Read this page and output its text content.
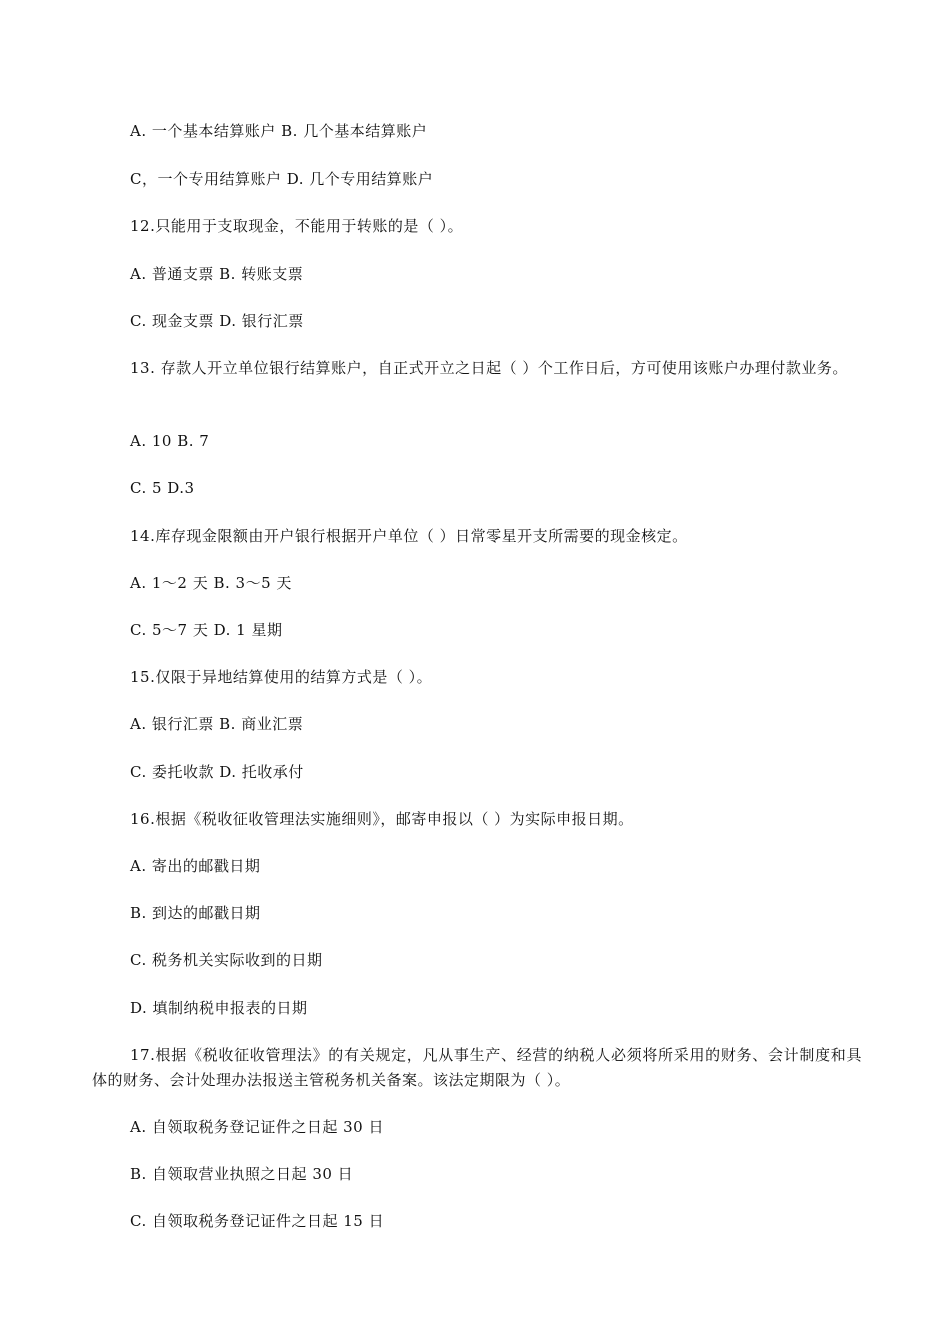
A. 一个基本结算账户 B. 几个基本结算账户
C，一个专用结算账户 D. 几个专用结算账户
12.只能用于支取现金，不能用于转账的是（ ）。
A. 普通支票 B. 转账支票
C. 现金支票 D. 银行汇票
13. 存款人开立单位银行结算账户，自正式开立之日起（ ）个工作日后，方可使用该账户办理付款业务。
A. 10 B. 7
C. 5 D.3
14.库存现金限额由开户银行根据开户单位（ ）日常零星开支所需要的现金核定。
A. 1～2 天 B. 3～5 天
C. 5～7 天 D. 1 星期
15.仅限于异地结算使用的结算方式是（ ）。
A. 银行汇票 B. 商业汇票
C. 委托收款 D. 托收承付
16.根据《税收征收管理法实施细则》，邮寄申报以（ ）为实际申报日期。
A. 寄出的邮戳日期
B. 到达的邮戳日期
C. 税务机关实际收到的日期
D. 填制纳税申报表的日期
17.根据《税收征收管理法》的有关规定，凡从事生产、经营的纳税人必须将所采用的财务、会计制度和具体的财务、会计处理办法报送主管税务机关备案。该法定期限为（ ）。
A. 自领取税务登记证件之日起 30 日
B. 自领取营业执照之日起 30 日
C. 自领取税务登记证件之日起 15 日
